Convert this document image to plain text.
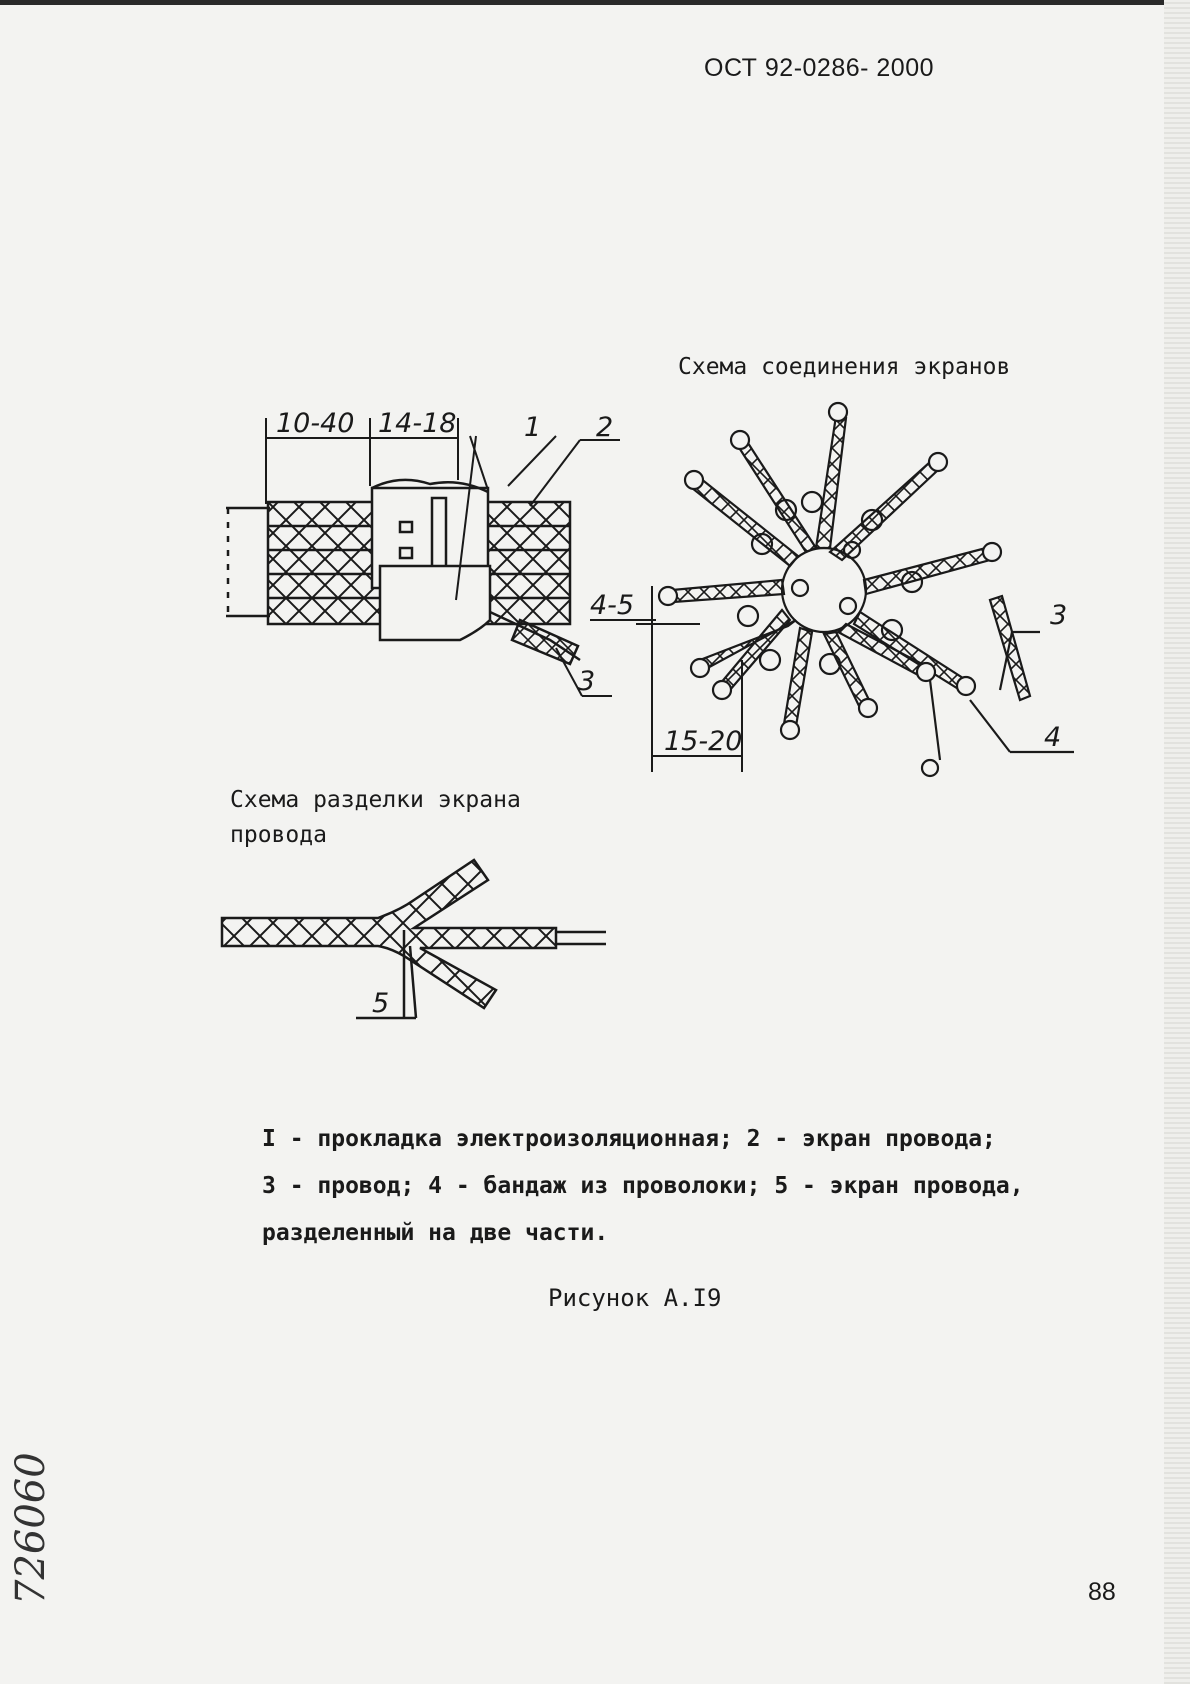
ОСТ 92-0286- 2000
Схема соединения экранов
Схема разделки экрана провода
10-40 14-18	1 2
3
4-5
15-20
3
4
5
I - прокладка электроизоляционная; 2 - экран провода;
3 - провод; 4 - бандаж из проволоки; 5 - экран провода,
разделенный на две части.
Рисунок А.I9
88
726060
